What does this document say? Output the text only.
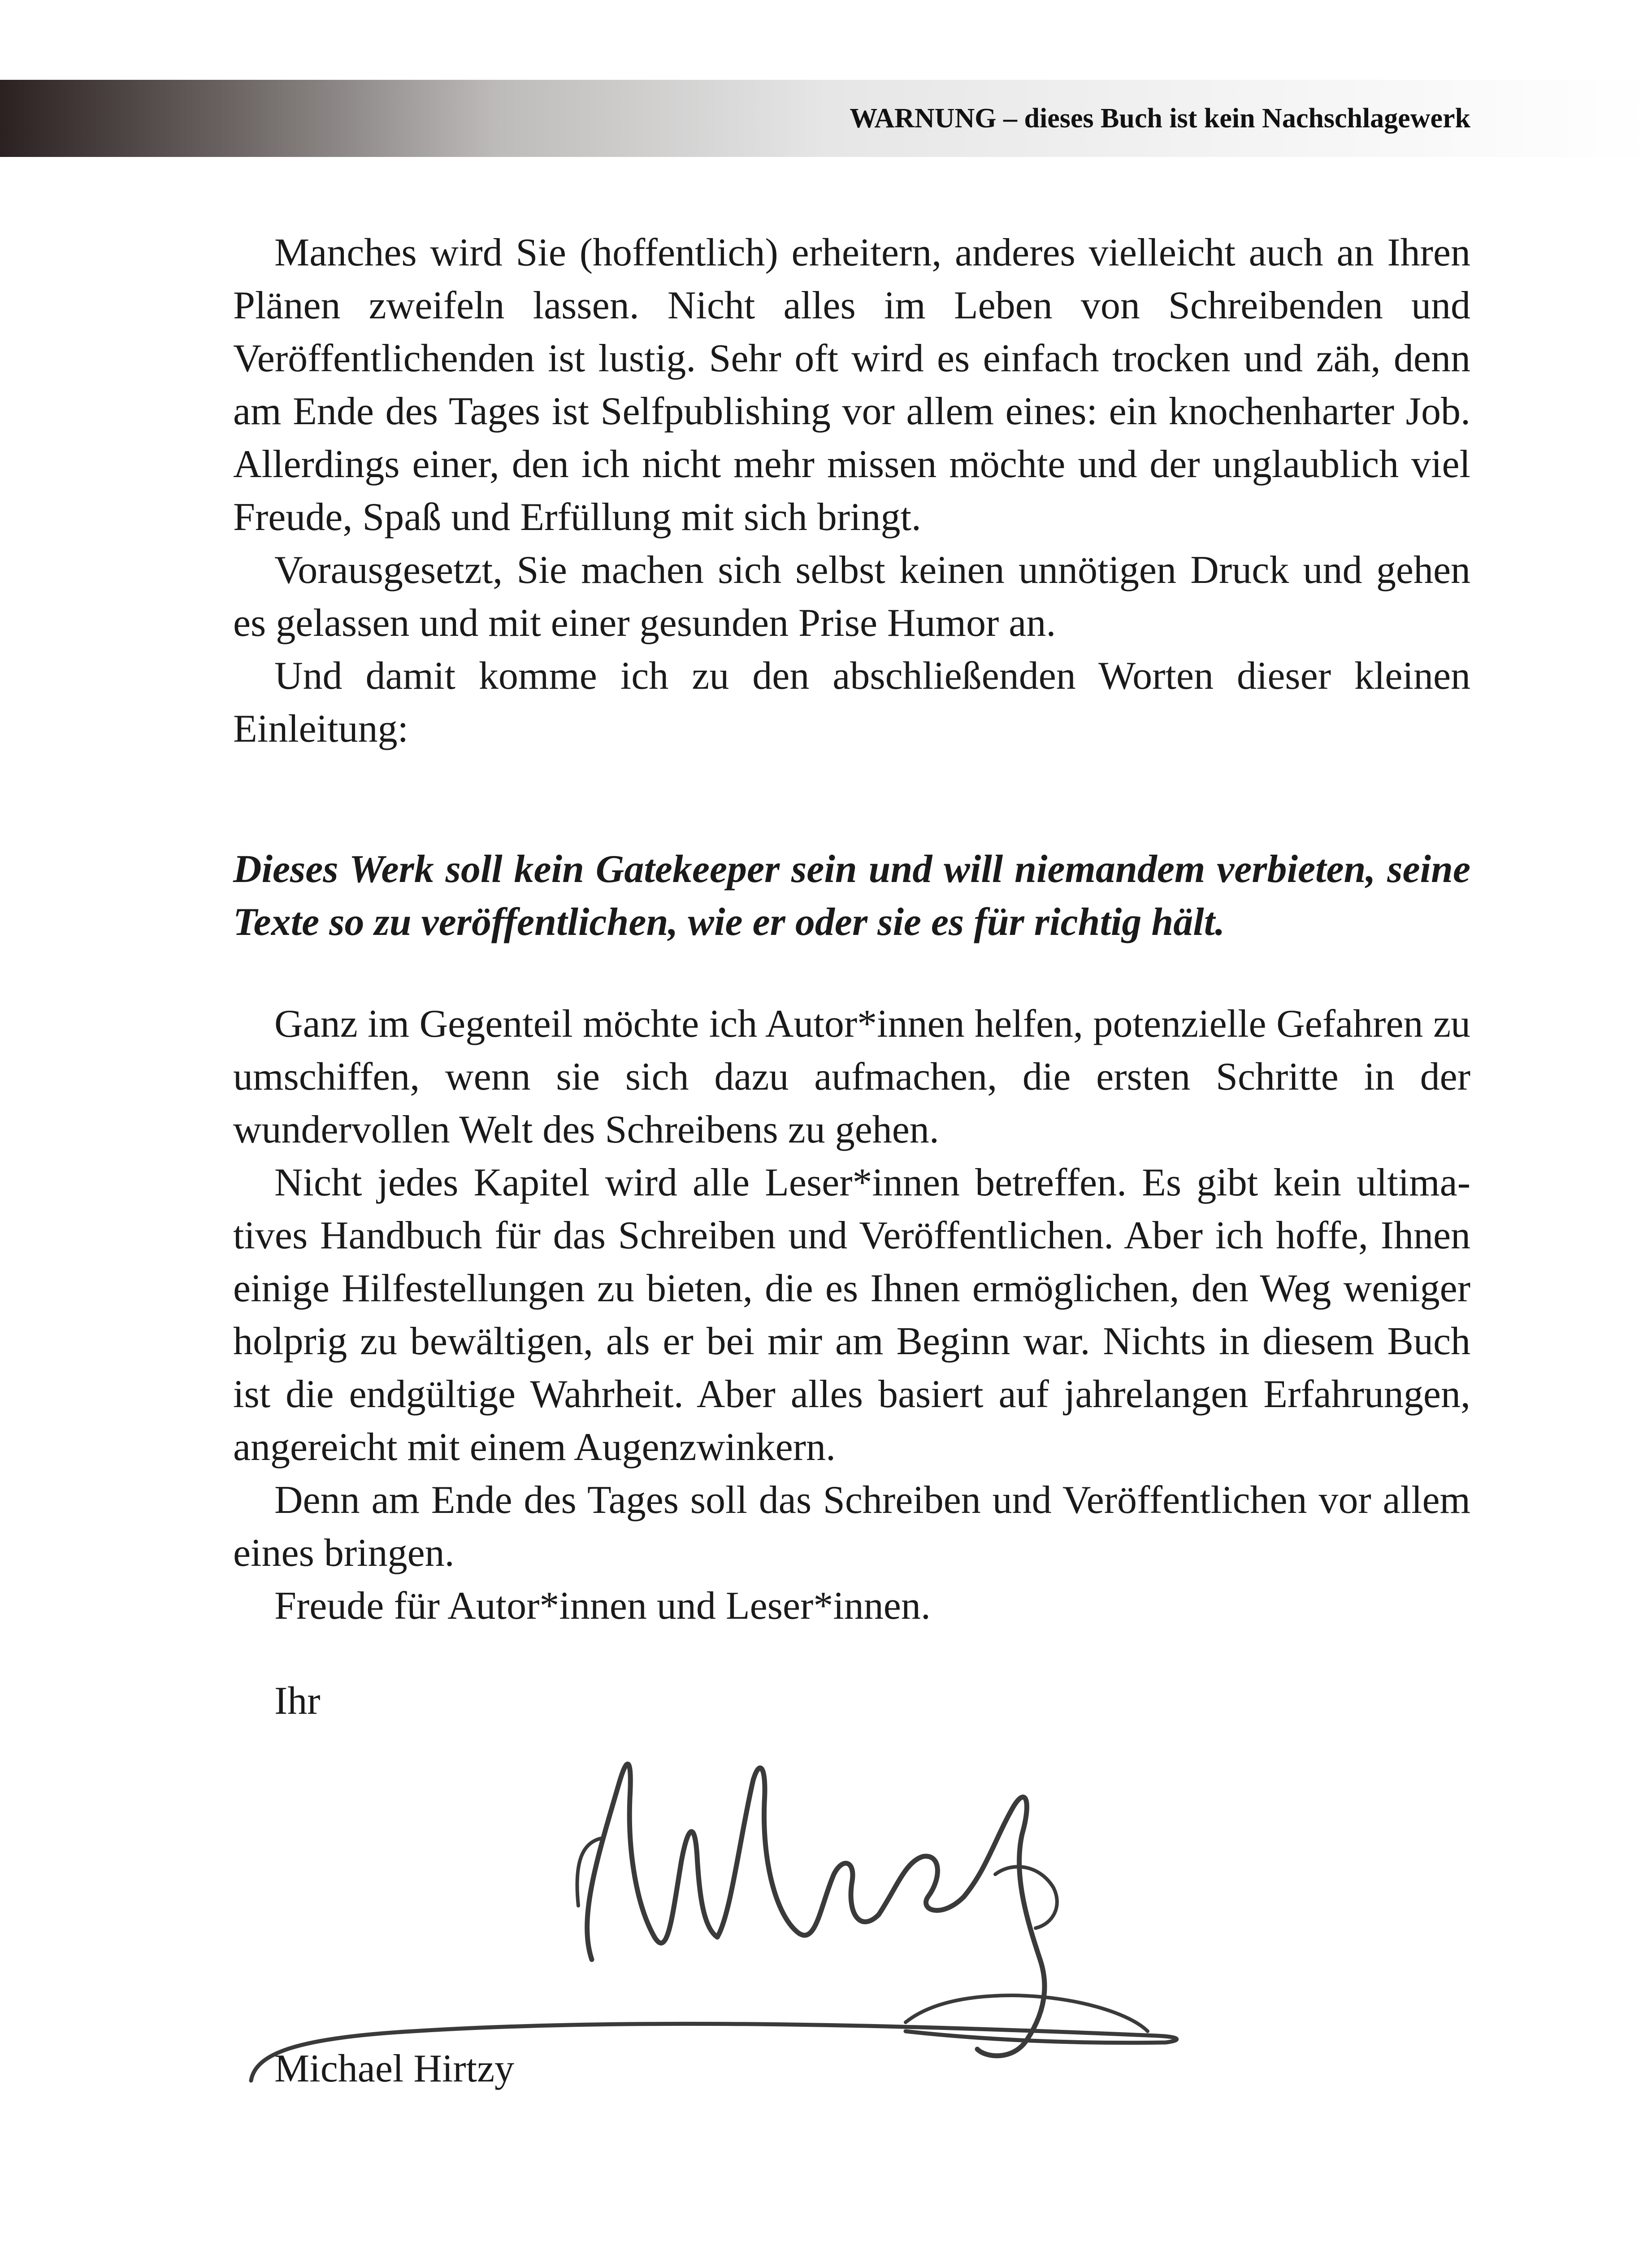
WARNUNG – dieses Buch ist kein Nachschlagewerk

Manches wird Sie (hoffentlich) erheitern, anderes vielleicht auch an Ihren Plänen zweifeln lassen. Nicht alles im Leben von Schreibenden und Veröffentlichenden ist lustig. Sehr oft wird es einfach trocken und zäh, denn am Ende des Tages ist Selfpublishing vor allem eines: ein knochenharter Job. Allerdings einer, den ich nicht mehr missen möchte und der unglaublich viel Freude, Spaß und Erfüllung mit sich bringt.

Vorausgesetzt, Sie machen sich selbst keinen unnötigen Druck und gehen es gelassen und mit einer gesunden Prise Humor an.

Und damit komme ich zu den abschließenden Worten dieser kleinen Einleitung:

Dieses Werk soll kein Gatekeeper sein und will niemandem verbieten, seine Texte so zu veröffentlichen, wie er oder sie es für richtig hält.

Ganz im Gegenteil möchte ich Autor*innen helfen, potenzielle Gefahren zu umschiffen, wenn sie sich dazu aufmachen, die ersten Schritte in der wundervollen Welt des Schreibens zu gehen.

Nicht jedes Kapitel wird alle Leser*innen betreffen. Es gibt kein ultimatives Handbuch für das Schreiben und Veröffentlichen. Aber ich hoffe, Ihnen einige Hilfestellungen zu bieten, die es Ihnen ermöglichen, den Weg weniger holprig zu bewältigen, als er bei mir am Beginn war. Nichts in diesem Buch ist die endgültige Wahrheit. Aber alles basiert auf jahrelangen Erfahrungen, angereicht mit einem Augenzwinkern.

Denn am Ende des Tages soll das Schreiben und Veröffentlichen vor allem eines bringen.

Freude für Autor*innen und Leser*innen.

Ihr

Michael Hirtzy
